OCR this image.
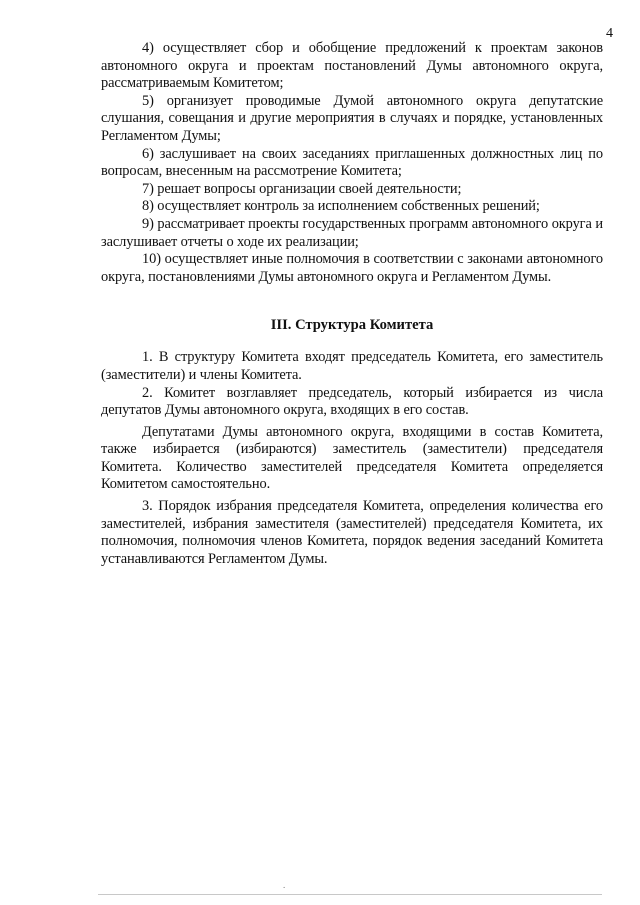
4

4) осуществляет сбор и обобщение предложений к проектам законов автономного округа и проектам постановлений Думы автономного округа, рассматриваемым Комитетом;

5) организует проводимые Думой автономного округа депутатские слушания, совещания и другие мероприятия в случаях и порядке, установленных Регламентом Думы;

6) заслушивает на своих заседаниях приглашенных должностных лиц по вопросам, внесенным на рассмотрение Комитета;

7) решает вопросы организации своей деятельности;

8) осуществляет контроль за исполнением собственных решений;

9) рассматривает проекты государственных программ автономного округа и заслушивает отчеты о ходе их реализации;

10) осуществляет иные полномочия в соответствии с законами автономного округа, постановлениями Думы автономного округа и Регламентом Думы.

III. Структура Комитета

1. В структуру Комитета входят председатель Комитета, его заместитель (заместители) и члены Комитета.

2. Комитет возглавляет председатель, который избирается из числа депутатов Думы автономного округа, входящих в его состав.

Депутатами Думы автономного округа, входящими в состав Комитета, также избирается (избираются) заместитель (заместители) председателя Комитета. Количество заместителей председателя Комитета определяется Комитетом самостоятельно.

3. Порядок избрания председателя Комитета, определения количества его заместителей, избрания заместителя (заместителей) председателя Комитета, их полномочия, полномочия членов Комитета, порядок ведения заседаний Комитета устанавливаются Регламентом Думы.

.
